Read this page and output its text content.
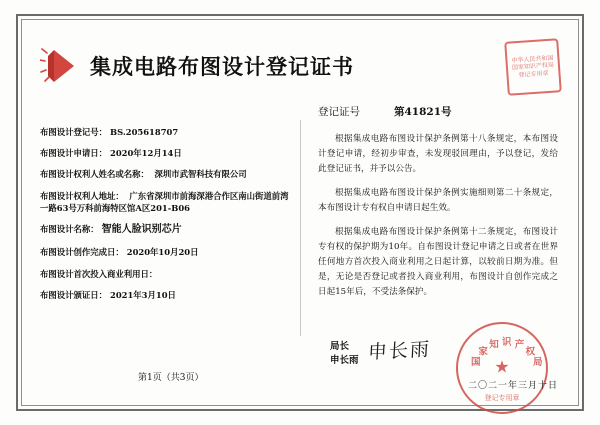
集成电路布图设计登记证书	中华人民共和国 国家知识产权局 登记专用章
登记证号	第41821号
布图设计登记号： BS.205618707
布图设计申请日： 2020年12月14日
布图设计权利人姓名或名称： 深圳市武智科技有限公司
布图设计权利人地址： 广东省深圳市前海深港合作区南山街道前湾一路63号万科前海特区馆A区201-B06
布图设计名称： 智能人脸识别芯片
布图设计创作完成日： 2020年10月20日
布图设计首次投入商业利用日：
布图设计颁证日： 2021年3月10日

根据集成电路布图设计保护条例第十八条规定，本布图设计登记申请，经初步审查，未发现驳回理由，予以登记，发给此登记证书，并予以公告。

根据集成电路布图设计保护条例实施细则第二十条规定，本布图设计专有权自申请日起生效。

根据集成电路布图设计保护条例第十二条规定，布图设计专有权的保护期为10年。自布图设计登记申请之日或者在世界任何地方首次投入商业利用之日起计算，以较前日期为准。但是，无论是否登记或者投入商业利用，布图设计自创作完成之日起15年后，不受法条保护。

局长
申长雨 申长雨
★
国
家
知 识 产
权
局
登记专用章
二〇二一年三月十日
第1页（共3页）
